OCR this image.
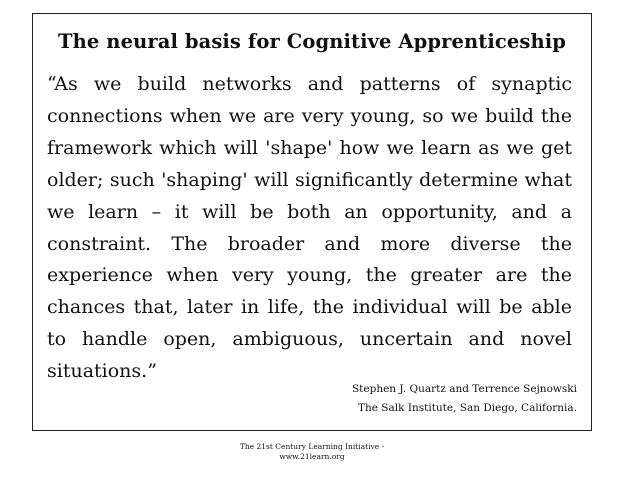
The neural basis for Cognitive Apprenticeship
“As we build networks and patterns of synaptic connections when we are very young, so we build the framework which will 'shape' how we learn as we get older; such 'shaping' will significantly determine what we learn – it will be both an opportunity, and a constraint. The broader and more diverse the experience when very young, the greater are the chances that, later in life, the individual will be able to handle open, ambiguous, uncertain and novel situations.”
Stephen J. Quartz and Terrence Sejnowski
The Salk Institute, San Diego, California.
The 21st Century Learning Initiative -
www.21learn.org
